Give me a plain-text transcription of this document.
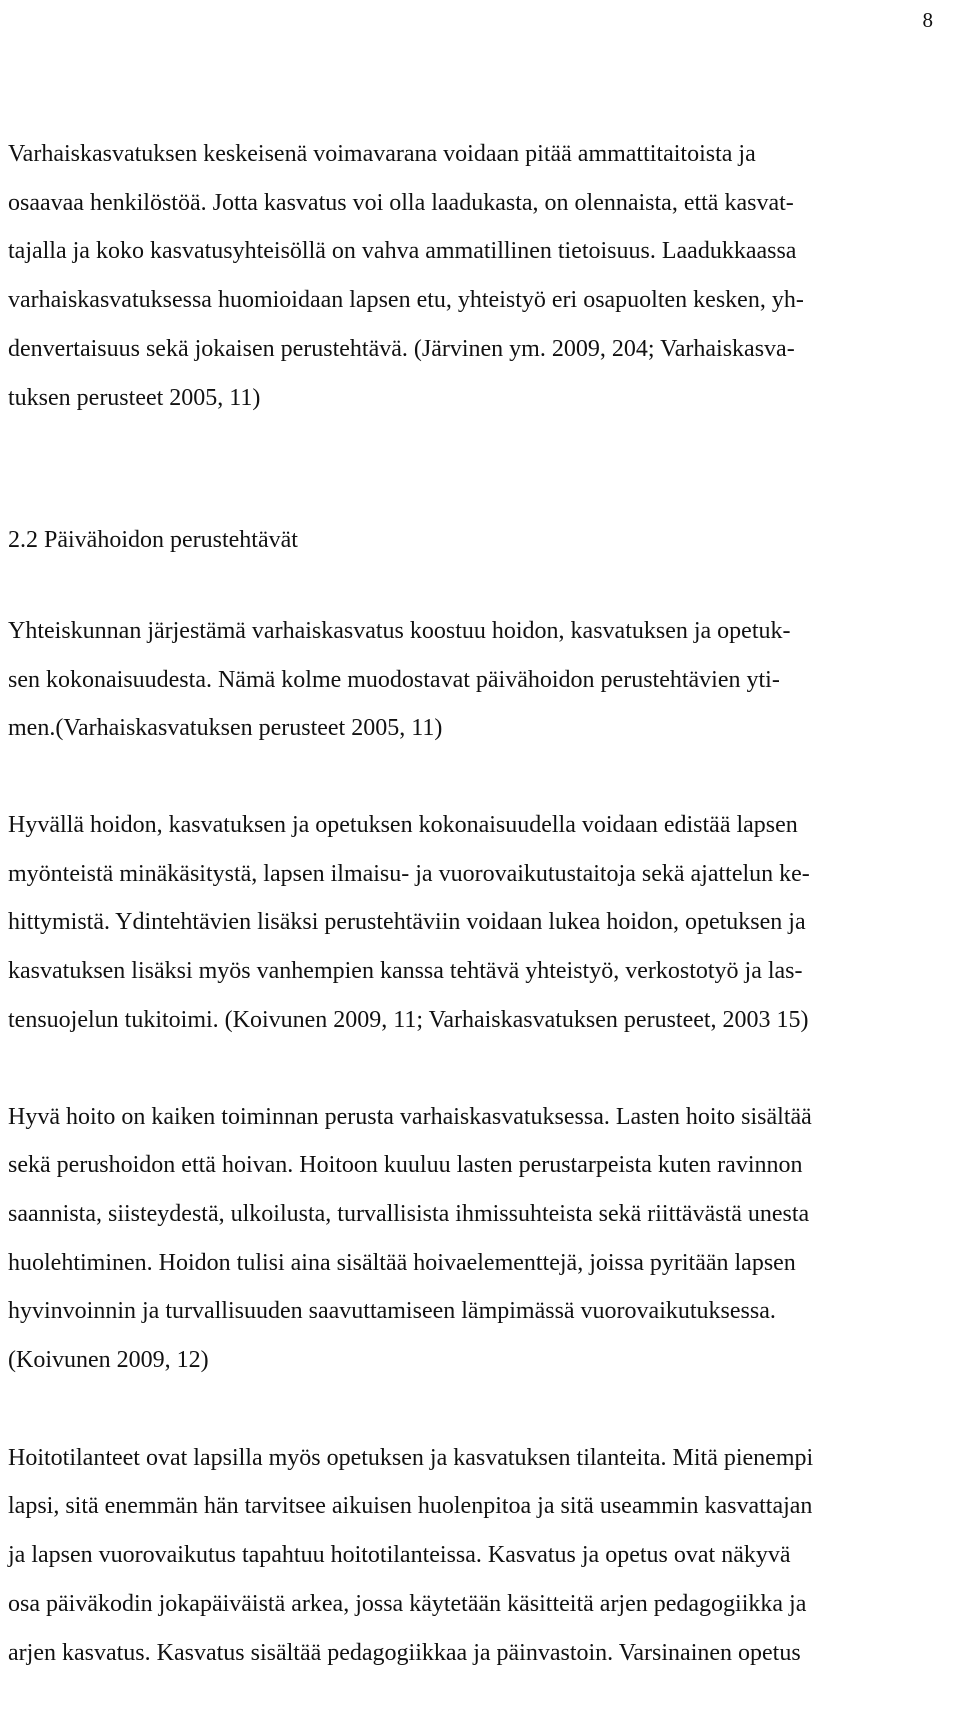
8

Varhaiskasvatuksen keskeisenä voimavarana voidaan pitää ammattitaitoista ja
osaavaa henkilöstöä. Jotta kasvatus voi olla laadukasta, on olennaista, että kasvat-
tajalla ja koko kasvatusyhteisöllä on vahva ammatillinen tietoisuus. Laadukkaassa
varhaiskasvatuksessa huomioidaan lapsen etu, yhteistyö eri osapuolten kesken, yh-
denvertaisuus sekä jokaisen perustehtävä. (Järvinen ym. 2009, 204; Varhaiskasva-
tuksen perusteet 2005, 11)

2.2 Päivähoidon perustehtävät

Yhteiskunnan järjestämä varhaiskasvatus koostuu hoidon, kasvatuksen ja opetuk-
sen kokonaisuudesta. Nämä kolme muodostavat päivähoidon perustehtävien yti-
men.(Varhaiskasvatuksen perusteet 2005, 11)

Hyvällä hoidon, kasvatuksen ja opetuksen kokonaisuudella voidaan edistää lapsen
myönteistä minäkäsitystä, lapsen ilmaisu- ja vuorovaikutustaitoja sekä ajattelun ke-
hittymistä. Ydintehtävien lisäksi perustehtäviin voidaan lukea hoidon, opetuksen ja
kasvatuksen lisäksi myös vanhempien kanssa tehtävä yhteistyö, verkostotyö ja las-
tensuojelun tukitoimi. (Koivunen 2009, 11; Varhaiskasvatuksen perusteet, 2003 15)

Hyvä hoito on kaiken toiminnan perusta varhaiskasvatuksessa. Lasten hoito sisältää
sekä perushoidon että hoivan. Hoitoon kuuluu lasten perustarpeista kuten ravinnon
saannista, siisteydestä, ulkoilusta, turvallisista ihmissuhteista sekä riittävästä unesta
huolehtiminen. Hoidon tulisi aina sisältää hoivaelementtejä, joissa pyritään lapsen
hyvinvoinnin ja turvallisuuden saavuttamiseen lämpimässä vuorovaikutuksessa.
(Koivunen 2009, 12)

Hoitotilanteet ovat lapsilla myös opetuksen ja kasvatuksen tilanteita. Mitä pienempi
lapsi, sitä enemmän hän tarvitsee aikuisen huolenpitoa ja sitä useammin kasvattajan
ja lapsen vuorovaikutus tapahtuu hoitotilanteissa. Kasvatus ja opetus ovat näkyvä
osa päiväkodin jokapäiväistä arkea, jossa käytetään käsitteitä arjen pedagogiikka ja
arjen kasvatus. Kasvatus sisältää pedagogiikkaa ja päinvastoin. Varsinainen opetus
